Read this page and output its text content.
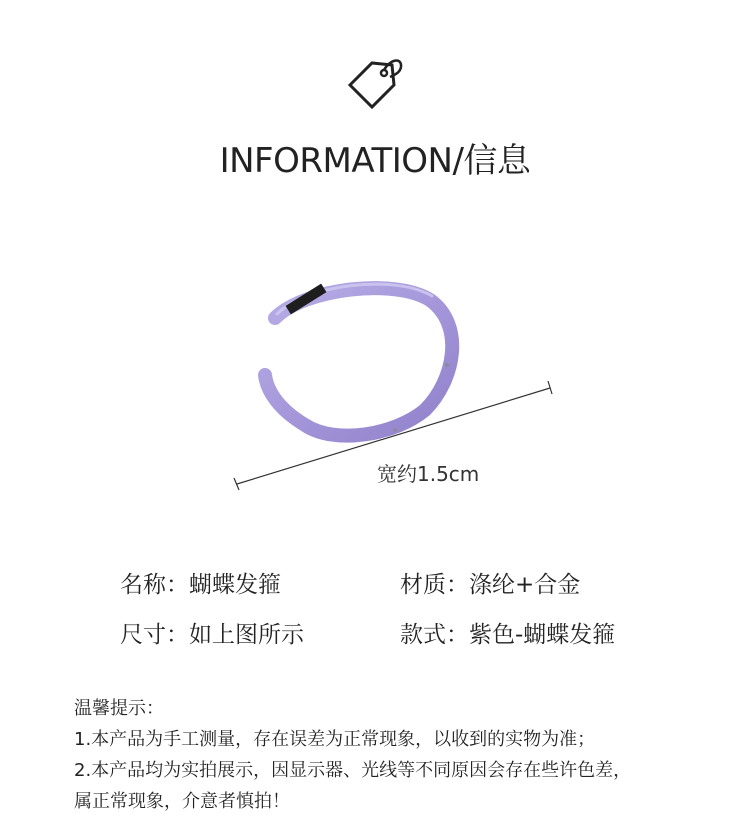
INFORMATION/信息
宽约1.5cm
名称：蝴蝶发箍	材质：涤纶+合金
尺寸：如上图所示	款式：紫色-蝴蝶发箍
温馨提示：
1.本产品为手工测量，存在误差为正常现象，以收到的实物为准；
2.本产品均为实拍展示，因显示器、光线等不同原因会存在些许色差，
属正常现象，介意者慎拍！
